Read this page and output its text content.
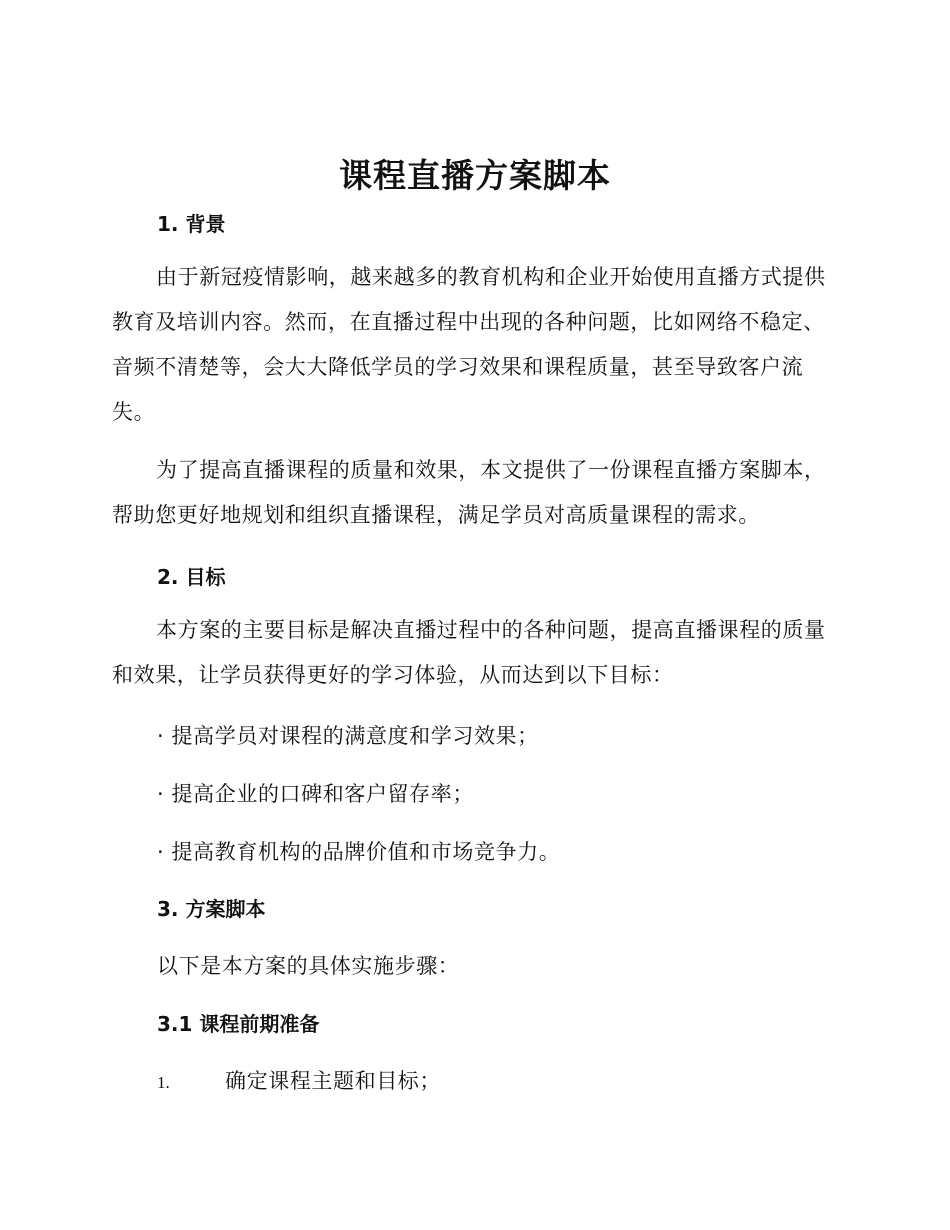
课程直播方案脚本
1. 背景
由于新冠疫情影响，越来越多的教育机构和企业开始使用直播方式提供教育及培训内容。然而，在直播过程中出现的各种问题，比如网络不稳定、音频不清楚等，会大大降低学员的学习效果和课程质量，甚至导致客户流失。
为了提高直播课程的质量和效果，本文提供了一份课程直播方案脚本，帮助您更好地规划和组织直播课程，满足学员对高质量课程的需求。
2. 目标
本方案的主要目标是解决直播过程中的各种问题，提高直播课程的质量和效果，让学员获得更好的学习体验，从而达到以下目标：
· 提高学员对课程的满意度和学习效果；
· 提高企业的口碑和客户留存率；
· 提高教育机构的品牌价值和市场竞争力。
3. 方案脚本
以下是本方案的具体实施步骤：
3.1 课程前期准备
1.	确定课程主题和目标；
